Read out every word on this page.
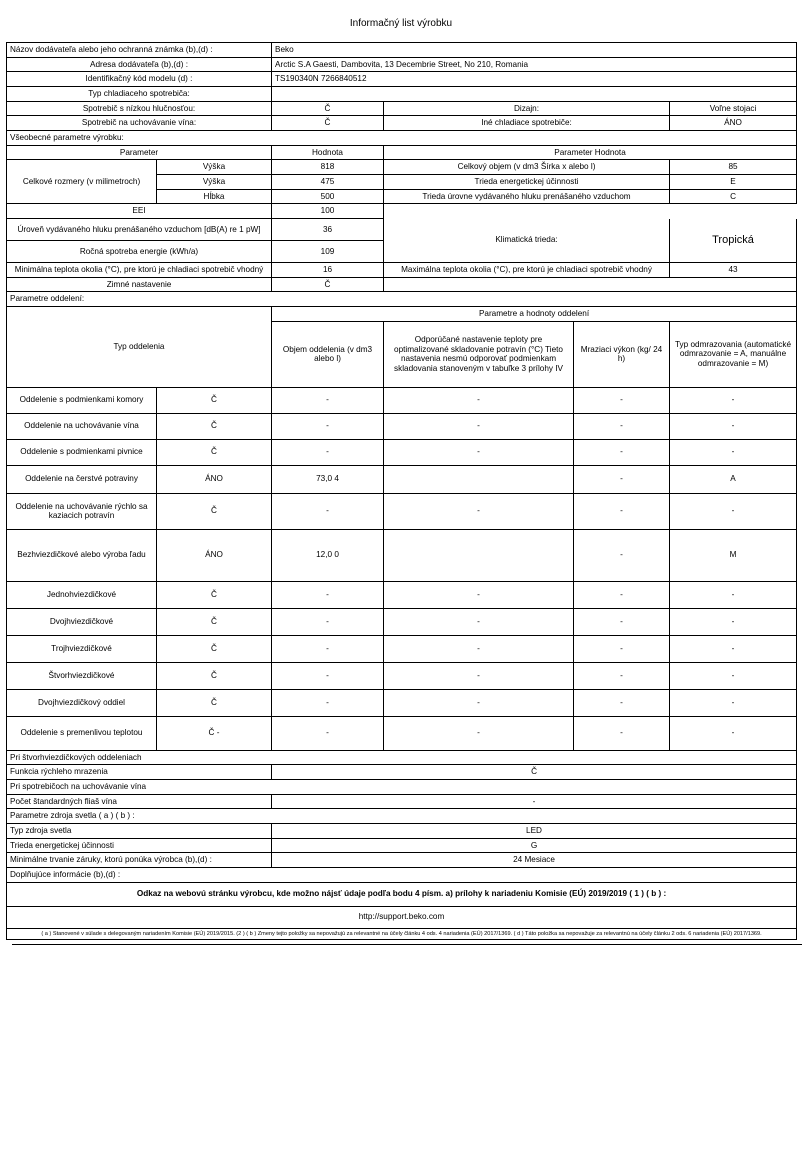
Informačný list výrobku
Názov dodávateľa alebo jeho ochranná známka (b),(d) :		Beko			
Adresa dodávateľa (b),(d) :		Arctic S.A Gaesti, Dambovita, 13 Decembrie Street, No 210, Romania			
Identifikačný kód modelu (d) :		TS190340N 7266840512			
Typ chladiaceho spotrebiča:					
Spotrebič s nízkou hlučnosťou:		Č	Dizajn:		Voľne stojaci
Spotrebič na uchovávanie vína:		Č	Iné chladiace spotrebiče:		ÁNO
Všeobecné parametre výrobku:					
Parameter		Hodnota	Parameter Hodnota		
Celkové rozmery (v milimetroch)	Výška	818	Celkový objem (v dm3 Šírka x alebo l)		85
	Výška	475	Trieda energetickej účinnosti		E
	Hĺbka	500	Trieda úrovne vydávaného hluku prenášaného vzduchom		C
EEI		100			
Úroveň vydávaného hluku prenášaného vzduchom [dB(A) re 1 pW]		36	Klimatická trieda:		Tropická
Ročná spotreba energie (kWh/a)		109			
Minimálna teplota okolia (°C), pre ktorú je chladiaci spotrebič vhodný		16	Maximálna teplota okolia (°C), pre ktorú je chladiaci spotrebič vhodný		43
Zimné nastavenie		Č			
Parametre oddelení:					
Typ oddelenia		Parametre a hodnoty oddelení			
		Objem oddelenia (v dm3 alebo l)	Odporúčané nastavenie teploty pre optimalizované skladovanie potravín (°C) Tieto nastavenia nesmú odporovať podmienkam skladovania stanoveným v tabuľke 3 prílohy IV	Mraziaci výkon (kg/ 24 h)	Typ odmrazovania (automatické odmrazovanie = A, manuálne odmrazovanie = M)
Oddelenie s podmienkami komory	Č	-	-	-	-
Oddelenie na uchovávanie vína	Č	-	-	-	-
Oddelenie s podmienkami pivnice	Č	-	-	-	-
Oddelenie na čerstvé potraviny	ÁNO	73,0 4		-	A
Oddelenie na uchovávanie rýchlo sa kaziacich potravín	Č	-	-	-	-
Bezhviezdičkové alebo výroba ľadu	ÁNO	12,0 0		-	M
Jednohviezdičkové	Č	-	-	-	-
Dvojhviezdičkové	Č	-	-	-	-
Trojhviezdičkové	Č	-	-	-	-
Štvorhviezdičkové	Č	-	-	-	-
Dvojhviezdičkový oddiel	Č	-	-	-	-
Oddelenie s premenlivou teplotou	Č -	-	-	-	-
Pri štvorhviezdičkových oddeleniach					
Funkcia rýchleho mrazenia		Č			
Pri spotrebičoch na uchovávanie vína					
Počet štandardných fliaš vína		-			
Parametre zdroja svetla ( a ) ( b ) :					
Typ zdroja svetla		LED			
Trieda energetickej účinnosti		G			
Minimálne trvanie záruky, ktorú ponúka výrobca (b),(d) :		24 Mesiace			
Doplňujúce informácie (b),(d) :					
Odkaz na webovú stránku výrobcu, kde možno nájsť údaje podľa bodu 4 písm. a) prílohy k nariadeniu Komisie (EÚ) 2019/2019 ( 1 ) ( b ) :					
http://support.beko.com					
( a ) Stanovené v súlade s delegovaným nariadením Komisie (EÚ) 2019/2015. (2 ) ( b ) Zmeny tejto položky sa nepovažujú za relevantné na účely článku 4 ods. 4 nariadenia (EÚ) 2017/1369. ( d ) Táto položka sa nepovažuje za relevantnú na účely článku 2 ods. 6 nariadenia (EÚ) 2017/1369.					
